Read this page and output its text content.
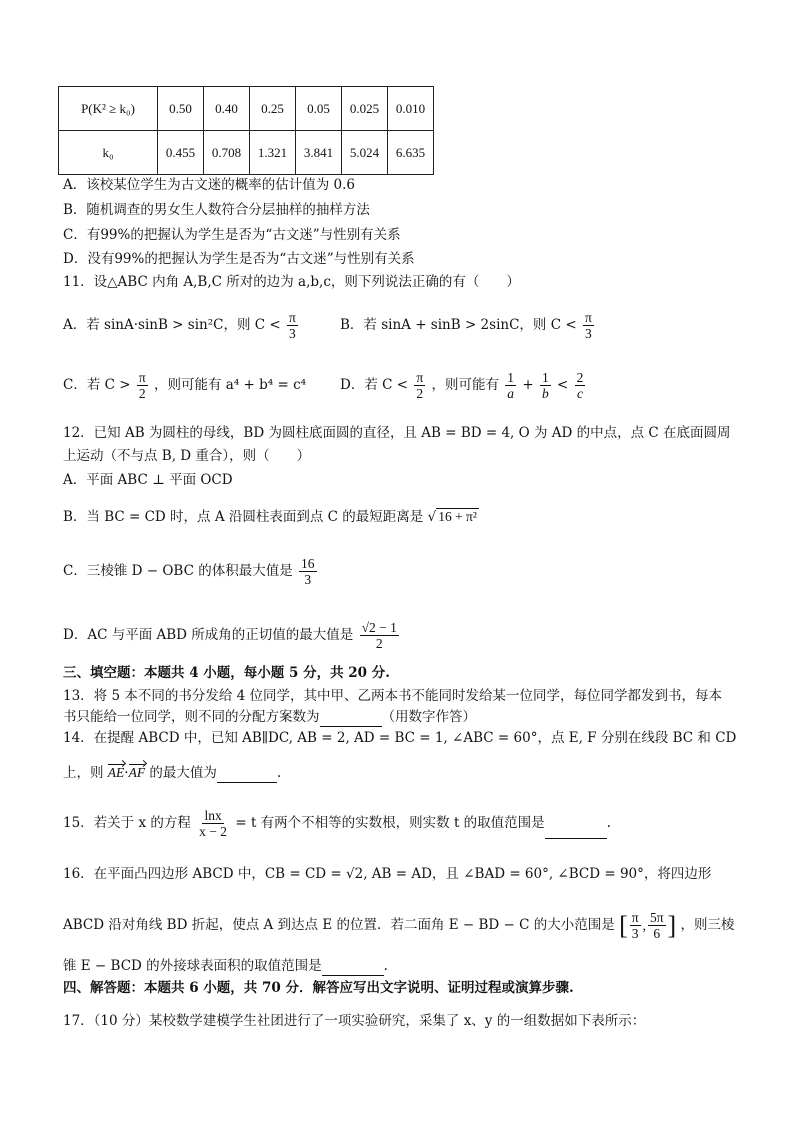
P(K² ≥ k₀)	0.50	0.40	0.25	0.05	0.025	0.010
k₀	0.455	0.708	1.321	3.841	5.024	6.635
A．该校某位学生为古文迷的概率的估计值为 0.6
B．随机调查的男女生人数符合分层抽样的抽样方法
C．有99%的把握认为学生是否为“古文迷”与性别有关系
D．没有99%的把握认为学生是否为“古文迷”与性别有关系
11．设△ABC 内角 A,B,C 所对的边为 a,b,c，则下列说法正确的有（　　）
A．若 sinA·sinB > sin²C，则 $C < \frac{\pi}{3}$	B．若 sinA + sinB > 2sinC，则 $C < \frac{\pi}{3}$
C．若 $C > \frac{\pi}{2}$ ，则可能有 a⁴ + b⁴ = c⁴	D．若 $C < \frac{\pi}{2}$ ，则可能有 $\frac{1}{a} + \frac{1}{b} < \frac{2}{c}$
12．已知 AB 为圆柱的母线，BD 为圆柱底面圆的直径，且 AB = BD = 4, O 为 AD 的中点，点 C 在底面圆周
上运动（不与点 B, D 重合），则（　　）
A．平面 ABC ⊥ 平面 OCD
B．当 BC = CD 时，点 A 沿圆柱表面到点 C 的最短距离是 √ 16 + π²
C．三棱锥 D − OBC 的体积最大值是 $\frac{16}{3}$
D．AC 与平面 ABD 所成角的正切值的最大值是 $\frac{√2 - 1}{2}$
三、填空题：本题共 4 小题，每小题 5 分，共 20 分.
13．将 5 本不同的书分发给 4 位同学，其中甲、乙两本书不能同时发给某一位同学，每位同学都发到书，每本
书只能给一位同学，则不同的分配方案数为	（用数字作答）
14．在提醒 ABCD 中，已知 AB∥DC, AB = 2, AD = BC = 1, ∠ABC = 60°，点 E, F 分别在线段 BC 和 CD
上，则 AE·AF 的最大值为	.
15．若关于 x 的方程 $\frac{\ln x}{x - 2} = t$ 有两个不相等的实数根，则实数 t 的取值范围是	.
16．在平面凸四边形 ABCD 中，CB = CD = √2, AB = AD，且 ∠BAD = 60°, ∠BCD = 90°，将四边形
ABCD 沿对角线 BD 折起，使点 A 到达点 E 的位置．若二面角 E − BD − C 的大小范围是 [ $\frac{\pi}{3}$ , $\frac{5\pi}{6}$ ] ，则三棱
锥 E − BCD 的外接球表面积的取值范围是	.
四、解答题：本题共 6 小题，共 70 分．解答应写出文字说明、证明过程或演算步骤.
17．（10 分）某校数学建模学生社团进行了一项实验研究，采集了 x、y 的一组数据如下表所示：
